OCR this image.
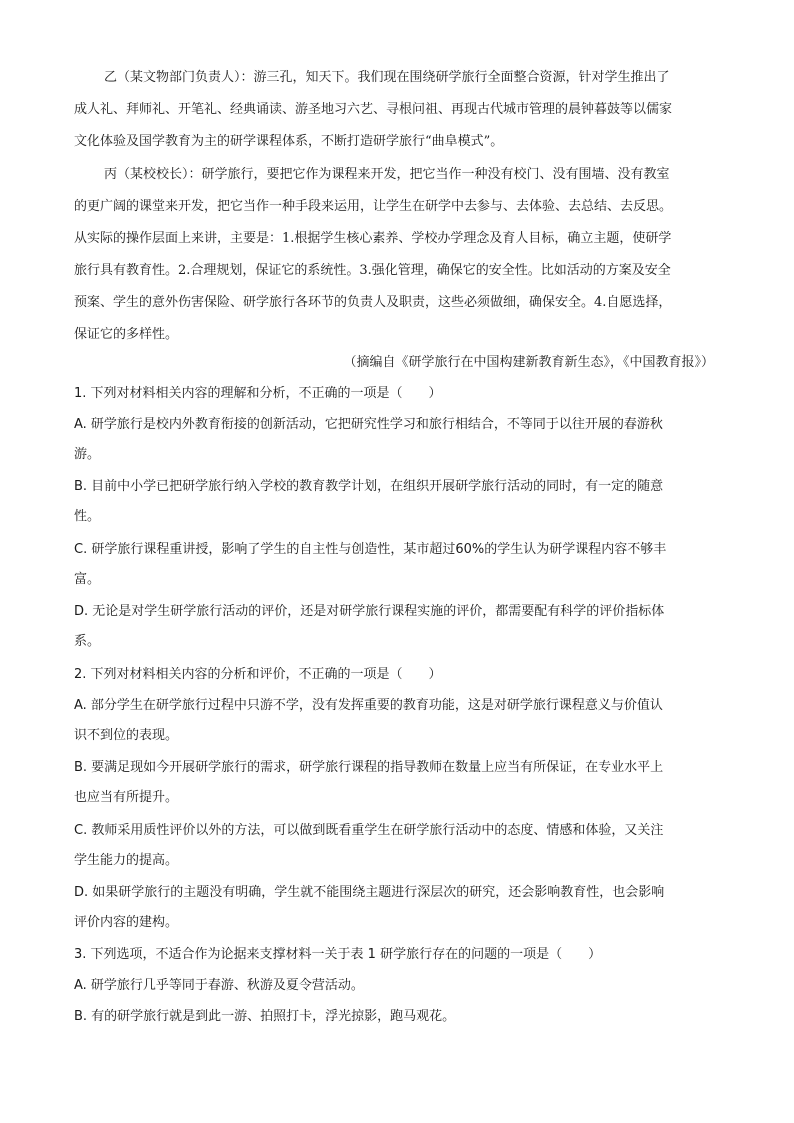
乙（某文物部门负责人）：游三孔，知天下。我们现在围绕研学旅行全面整合资源，针对学生推出了
成人礼、拜师礼、开笔礼、经典诵读、游圣地习六艺、寻根问祖、再现古代城市管理的晨钟暮鼓等以儒家
文化体验及国学教育为主的研学课程体系，不断打造研学旅行“曲阜模式”。
丙（某校校长）：研学旅行，要把它作为课程来开发，把它当作一种没有校门、没有围墙、没有教室
的更广阔的课堂来开发，把它当作一种手段来运用，让学生在研学中去参与、去体验、去总结、去反思。
从实际的操作层面上来讲，主要是：1.根据学生核心素养、学校办学理念及育人目标，确立主题，使研学
旅行具有教育性。2.合理规划，保证它的系统性。3.强化管理，确保它的安全性。比如活动的方案及安全
预案、学生的意外伤害保险、研学旅行各环节的负责人及职责，这些必须做细，确保安全。4.自愿选择，
保证它的多样性。
（摘编自《研学旅行在中国构建新教育新生态》，《中国教育报》）
1. 下列对材料相关内容的理解和分析，不正确的一项是（　　）
A. 研学旅行是校内外教育衔接的创新活动，它把研究性学习和旅行相结合，不等同于以往开展的春游秋
游。
B. 目前中小学已把研学旅行纳入学校的教育教学计划，在组织开展研学旅行活动的同时，有一定的随意
性。
C. 研学旅行课程重讲授，影响了学生的自主性与创造性，某市超过60%的学生认为研学课程内容不够丰
富。
D. 无论是对学生研学旅行活动的评价，还是对研学旅行课程实施的评价，都需要配有科学的评价指标体
系。
2. 下列对材料相关内容的分析和评价，不正确的一项是（　　）
A. 部分学生在研学旅行过程中只游不学，没有发挥重要的教育功能，这是对研学旅行课程意义与价值认
识不到位的表现。
B. 要满足现如今开展研学旅行的需求，研学旅行课程的指导教师在数量上应当有所保证，在专业水平上
也应当有所提升。
C. 教师采用质性评价以外的方法，可以做到既看重学生在研学旅行活动中的态度、情感和体验，又关注
学生能力的提高。
D. 如果研学旅行的主题没有明确，学生就不能围绕主题进行深层次的研究，还会影响教育性，也会影响
评价内容的建构。
3. 下列选项，不适合作为论据来支撑材料一关于表 1 研学旅行存在的问题的一项是（　　）
A. 研学旅行几乎等同于春游、秋游及夏令营活动。
B. 有的研学旅行就是到此一游、拍照打卡，浮光掠影，跑马观花。
